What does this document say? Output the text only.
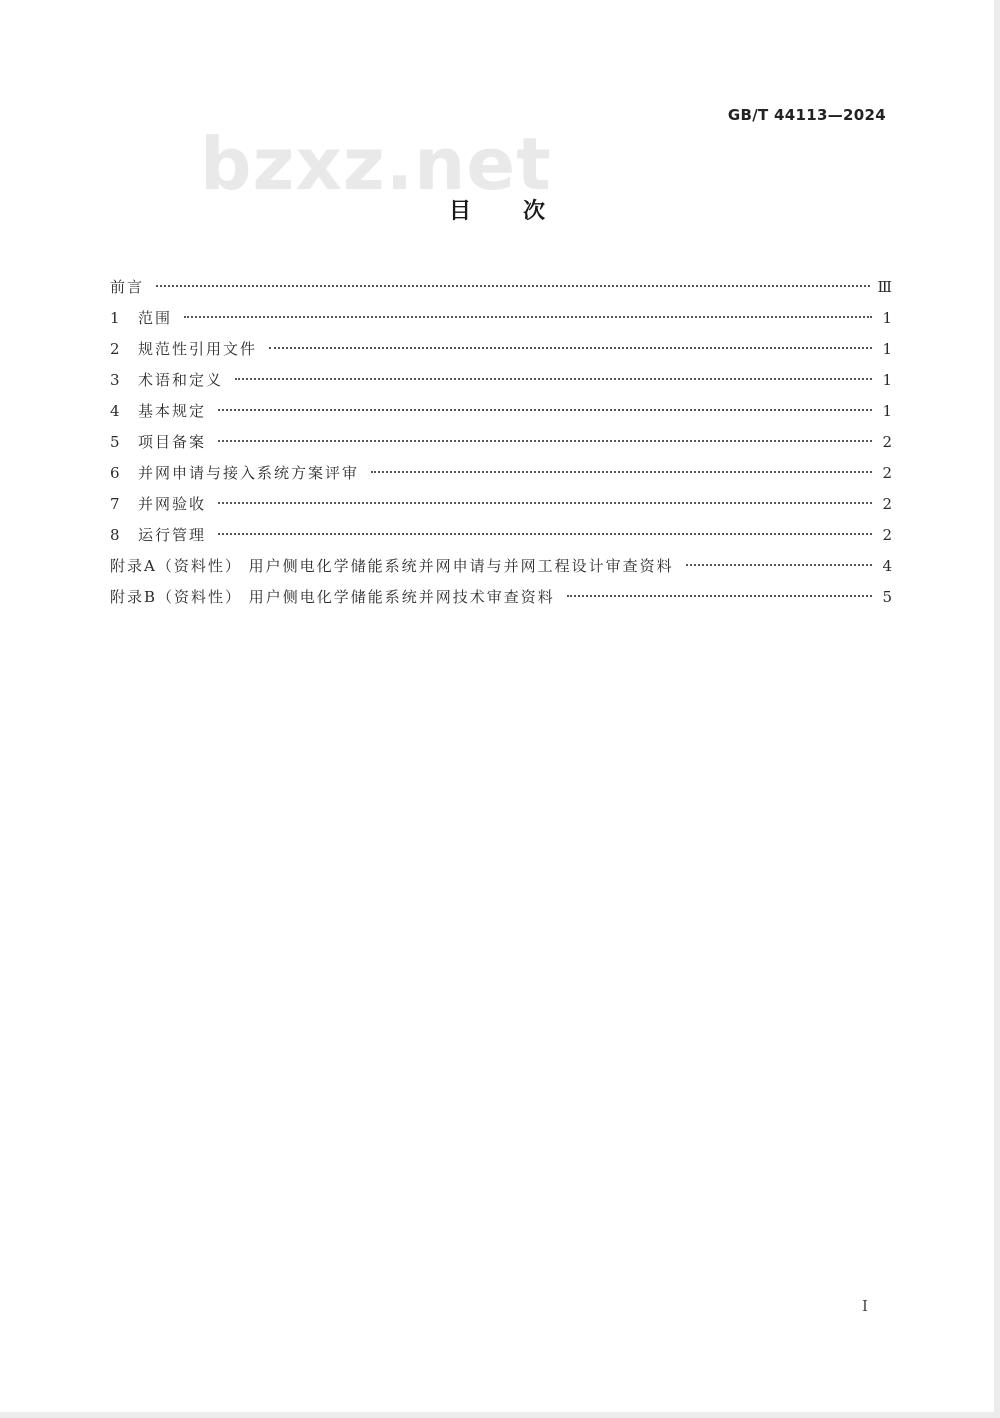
GB/T 44113—2024
bzxz.net
目次
前言	Ⅲ
1	范围	1
2	规范性引用文件	1
3	术语和定义	1
4	基本规定	1
5	项目备案	2
6	并网申请与接入系统方案评审	2
7	并网验收	2
8	运行管理	2
附录A（资料性） 用户侧电化学储能系统并网申请与并网工程设计审查资料	4
附录B（资料性） 用户侧电化学储能系统并网技术审查资料	5
I
